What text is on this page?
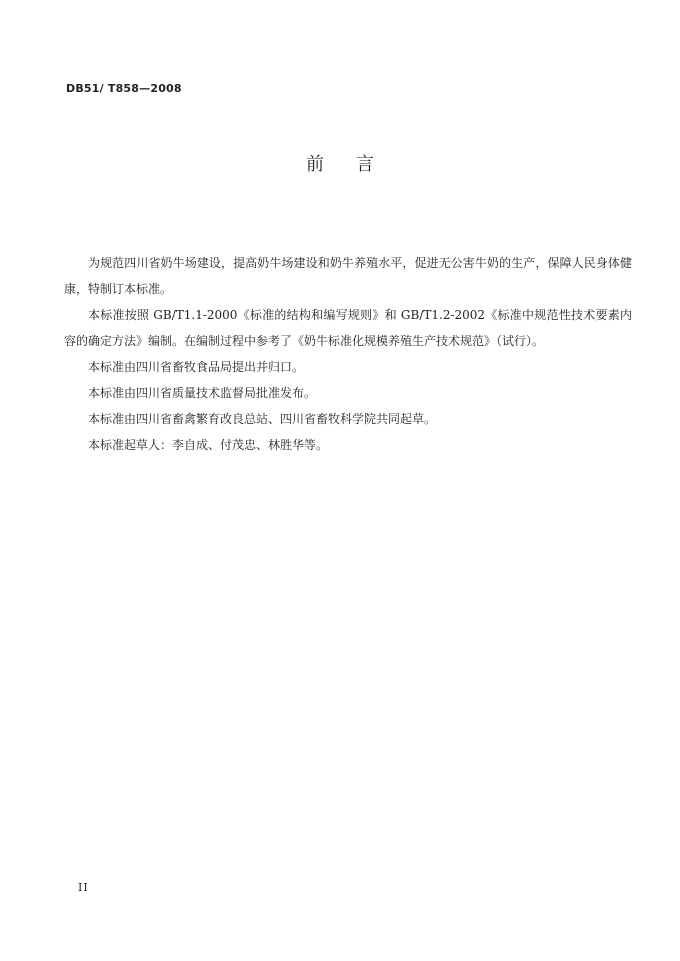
DB51/ T858—2008
前 言

为规范四川省奶牛场建设，提高奶牛场建设和奶牛养殖水平，促进无公害牛奶的生产，保障人民身体健康，特制订本标准。

本标准按照 GB/T1.1-2000《标准的结构和编写规则》和 GB/T1.2-2002《标准中规范性技术要素内容的确定方法》编制。在编制过程中参考了《奶牛标准化规模养殖生产技术规范》（试行）。

本标准由四川省畜牧食品局提出并归口。

本标准由四川省质量技术监督局批准发布。

本标准由四川省畜禽繁育改良总站、四川省畜牧科学院共同起草。

本标准起草人：李自成、付茂忠、林胜华等。

II
